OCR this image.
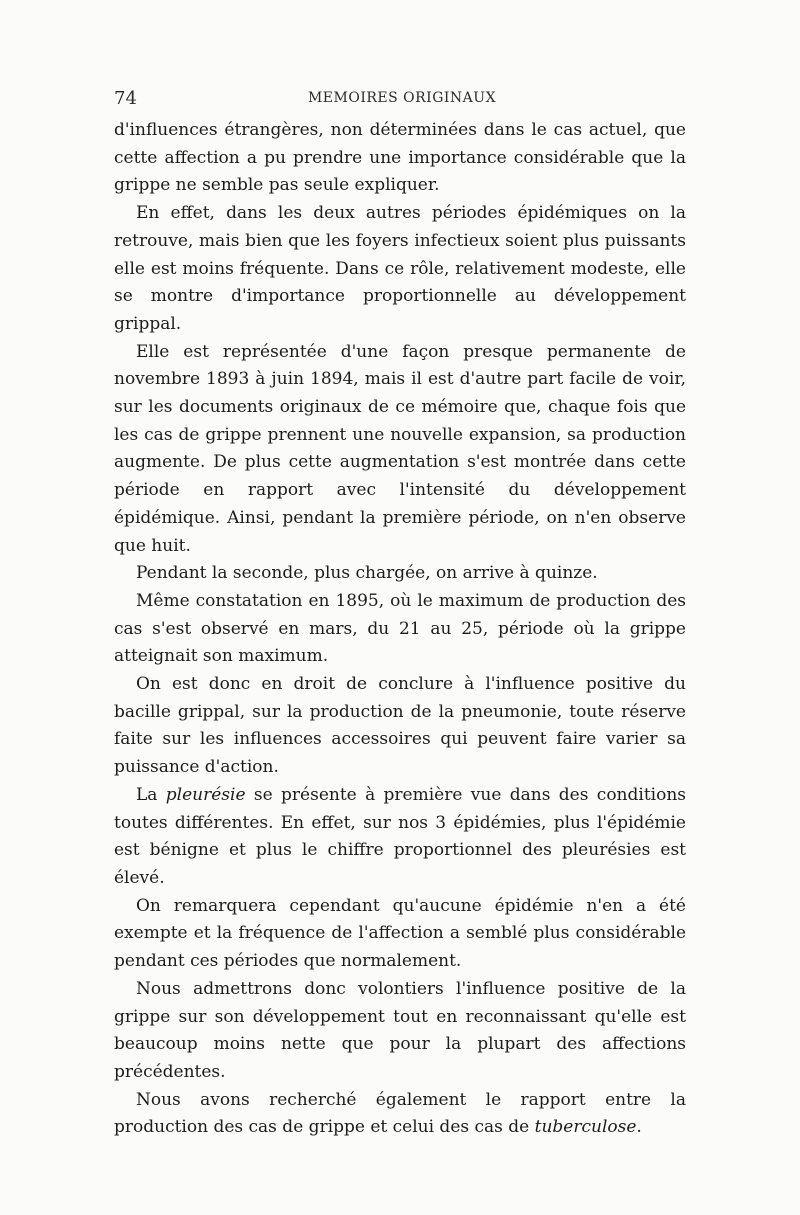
74	MEMOIRES ORIGINAUX

d'influences étrangères, non déterminées dans le cas actuel, que cette affection a pu prendre une importance considérable que la grippe ne semble pas seule expliquer.

En effet, dans les deux autres périodes épidémiques on la retrouve, mais bien que les foyers infectieux soient plus puissants elle est moins fréquente. Dans ce rôle, relativement modeste, elle se montre d'importance proportionnelle au développement grippal.

Elle est représentée d'une façon presque permanente de novembre 1893 à juin 1894, mais il est d'autre part facile de voir, sur les documents originaux de ce mémoire que, chaque fois que les cas de grippe prennent une nouvelle expansion, sa production augmente. De plus cette augmentation s'est montrée dans cette période en rapport avec l'intensité du développement épidémique. Ainsi, pendant la première période, on n'en observe que huit.

Pendant la seconde, plus chargée, on arrive à quinze.

Même constatation en 1895, où le maximum de production des cas s'est observé en mars, du 21 au 25, période où la grippe atteignait son maximum.

On est donc en droit de conclure à l'influence positive du bacille grippal, sur la production de la pneumonie, toute réserve faite sur les influences accessoires qui peuvent faire varier sa puissance d'action.

La pleurésie se présente à première vue dans des conditions toutes différentes. En effet, sur nos 3 épidémies, plus l'épidémie est bénigne et plus le chiffre proportionnel des pleurésies est élevé.

On remarquera cependant qu'aucune épidémie n'en a été exempte et la fréquence de l'affection a semblé plus considérable pendant ces périodes que normalement.

Nous admettrons donc volontiers l'influence positive de la grippe sur son développement tout en reconnaissant qu'elle est beaucoup moins nette que pour la plupart des affections précédentes.

Nous avons recherché également le rapport entre la production des cas de grippe et celui des cas de tuberculose.
